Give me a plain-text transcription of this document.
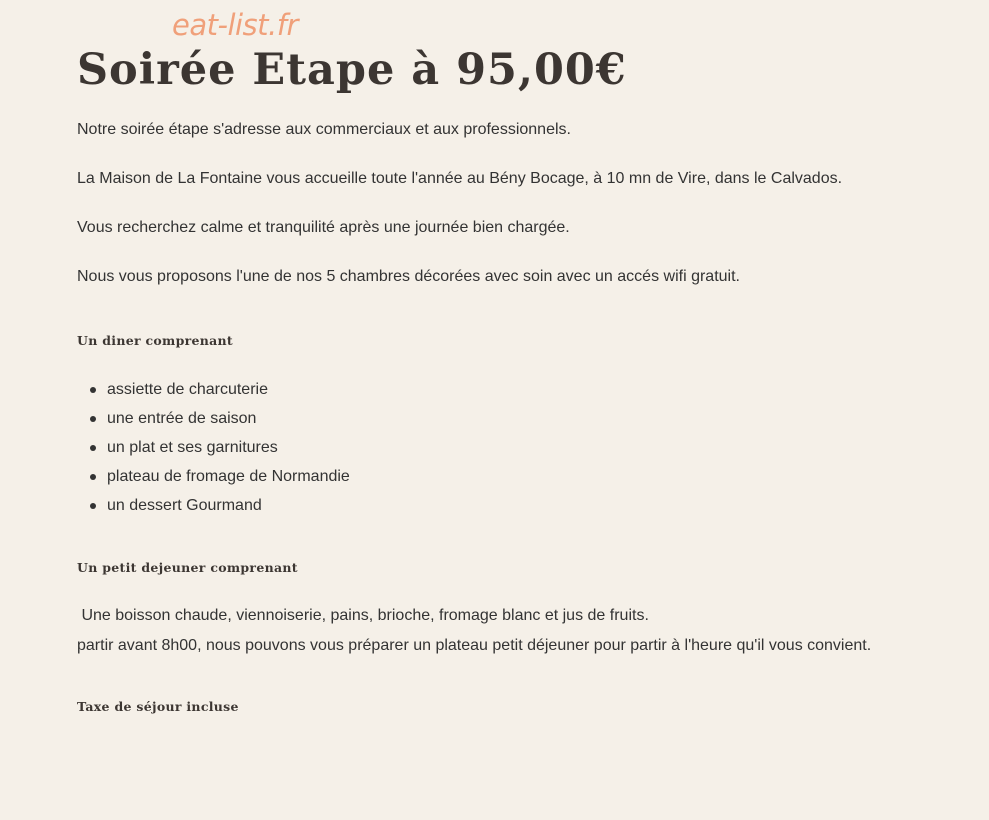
eat-list.fr
Soirée Etape à 95,00€

Notre soirée étape s'adresse aux commerciaux et aux professionnels.

La Maison de La Fontaine vous accueille toute l'année au Bény Bocage, à 10 mn de Vire, dans le Calvados.

Vous recherchez calme et tranquilité après une journée bien chargée.

Nous vous proposons l'une de nos 5 chambres décorées avec soin avec un accés wifi gratuit.

Un diner comprenant
assiette de charcuterie
une entrée de saison
un plat et ses garnitures
plateau de fromage de Normandie
un dessert Gourmand
Un petit dejeuner comprenant
Une boisson chaude, viennoiserie, pains, brioche, fromage blanc et jus de fruits.
partir avant 8h00, nous pouvons vous préparer un plateau petit déjeuner pour partir à l'heure qu'il vous convient.
Taxe de séjour incluse
